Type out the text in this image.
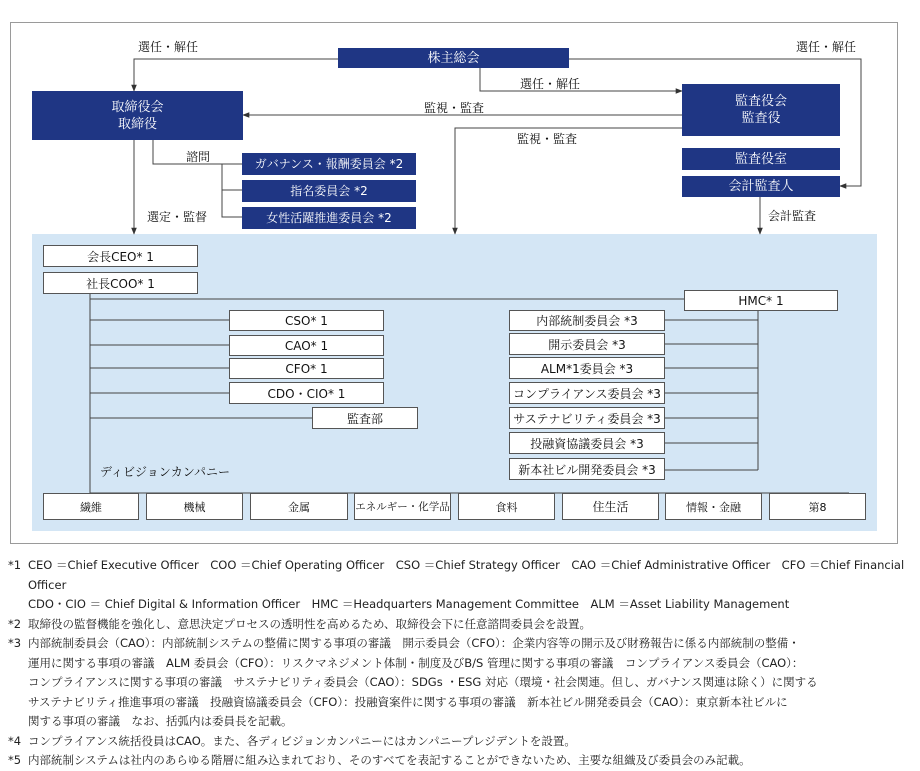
株主総会
取締役会
取締役
監査役会
監査役
監査役室
会計監査人
ガバナンス・報酬委員会 *2
指名委員会 *2
女性活躍推進委員会 *2
選任・解任	選任・解任
選任・解任
監視・監査
監視・監査
諮問
選定・監督	会計監査
会長CEO* 1
社長COO* 1
HMC* 1
CSO* 1
CAO* 1
CFO* 1
CDO・CIO* 1
監査部
内部統制委員会 *3
開示委員会 *3
ALM*1委員会 *3
コンプライアンス委員会 *3
サステナビリティ委員会 *3
投融資協議委員会 *3
新本社ビル開発委員会 *3
ディビジョンカンパニー
繊維	機械	金属	エネルギー・化学品	食料	住生活	情報・金融	第8
*1 CEO ＝Chief Executive Officer　COO ＝Chief Operating Officer　CSO ＝Chief Strategy Officer　CAO ＝Chief Administrative Officer　CFO ＝Chief Financial Officer
CDO・CIO ＝ Chief Digital & Information Officer　HMC ＝Headquarters Management Committee　ALM ＝Asset Liability Management
*2 取締役の監督機能を強化し、意思決定プロセスの透明性を高めるため、取締役会下に任意諮問委員会を設置。
*3 内部統制委員会（CAO）：内部統制システムの整備に関する事項の審議　開示委員会（CFO）：企業内容等の開示及び財務報告に係る内部統制の整備・
運用に関する事項の審議　ALM 委員会（CFO）：リスクマネジメント体制・制度及びB/S 管理に関する事項の審議　コンプライアンス委員会（CAO）：
コンプライアンスに関する事項の審議　サステナビリティ委員会（CAO）：SDGs ・ESG 対応（環境・社会関連。但し、ガバナンス関連は除く）に関する
サステナビリティ推進事項の審議　投融資協議委員会（CFO）：投融資案件に関する事項の審議　新本社ビル開発委員会（CAO）：東京新本社ビルに
関する事項の審議　なお、括弧内は委員長を記載。
*4 コンプライアンス統括役員はCAO。また、各ディビジョンカンパニーにはカンパニープレジデントを設置。
*5 内部統制システムは社内のあらゆる階層に組み込まれており、そのすべてを表記することができないため、主要な組織及び委員会のみ記載。
